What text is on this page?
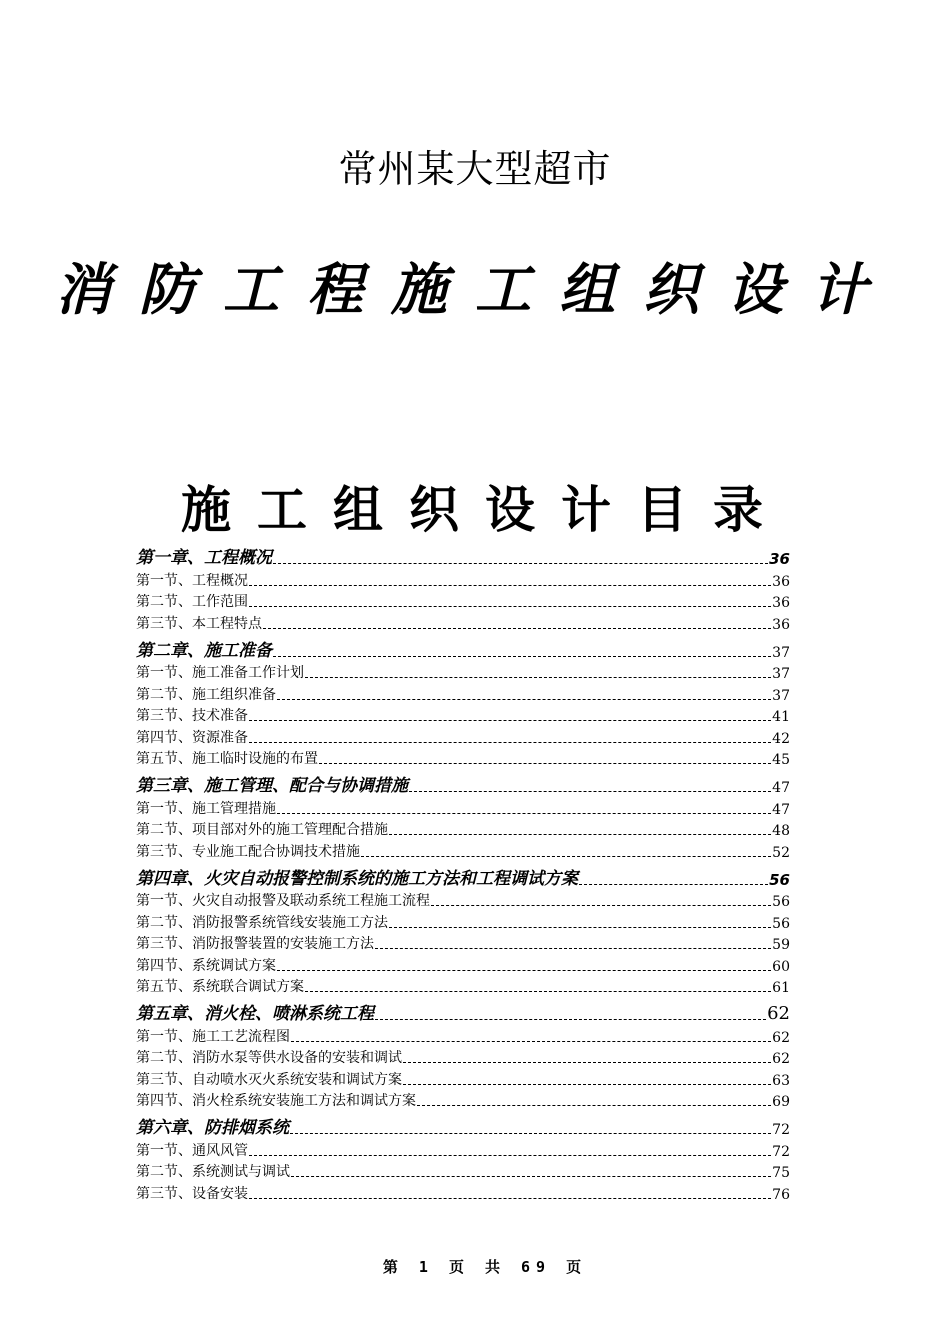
常州某大型超市
消防工程施工组织设计
施工组织设计目录
第一章、工程概况	36
第一节、工程概况	36
第二节、工作范围	36
第三节、本工程特点	36
第二章、施工准备	37
第一节、施工准备工作计划	37
第二节、施工组织准备	37
第三节、技术准备	41
第四节、资源准备	42
第五节、施工临时设施的布置	45
第三章、施工管理、配合与协调措施	47
第一节、施工管理措施	47
第二节、项目部对外的施工管理配合措施	48
第三节、专业施工配合协调技术措施	52
第四章、火灾自动报警控制系统的施工方法和工程调试方案	56
第一节、火灾自动报警及联动系统工程施工流程	56
第二节、消防报警系统管线安装施工方法	56
第三节、消防报警装置的安装施工方法	59
第四节、系统调试方案	60
第五节、系统联合调试方案	61
第五章、消火栓、喷淋系统工程	62
第一节、施工工艺流程图	62
第二节、消防水泵等供水设备的安装和调试	62
第三节、自动喷水灭火系统安装和调试方案	63
第四节、消火栓系统安装施工方法和调试方案	69
第六章、防排烟系统	72
第一节、通风风管	72
第二节、系统测试与调试	75
第三节、设备安装	76
第 1 页 共 69 页
